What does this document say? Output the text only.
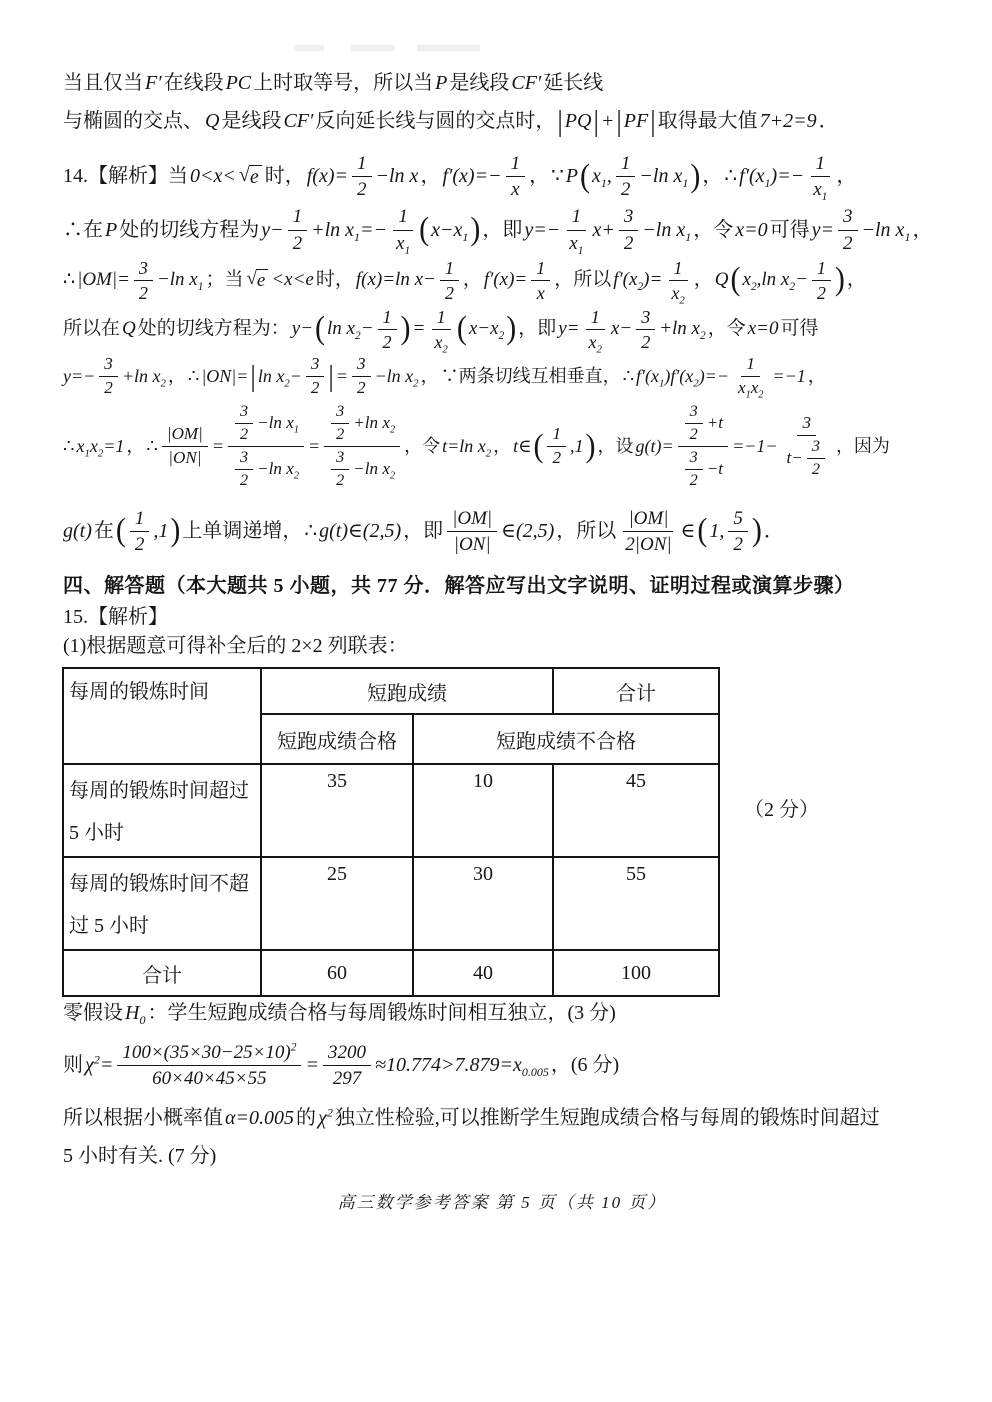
当且仅当 F′ 在线段 PC 上时取等号，所以当 P 是线段 CF′ 延长线
与椭圆的交点、 Q 是线段 CF′ 反向延长线与圆的交点时， | PQ | + | PF | 取得最大值 7+2=9 ．
14.【解析】当 0<x< √ e 时， $f(x)= \frac{1}{2} -\ln$ x ， $f'(x)=- \frac{1}{x}$ ， ∵ P ( $x_1$,
1
2
−ln $x_1$ ) ， ∴ $f'(x_1)=- \frac{1}{x_1}$ ，
∴在 P 处的切线方程为 $y- \frac{1}{2} +\ln$ $x_1=- \frac{1}{x_1}$ ( $x-x_1$ ) ，即 $y=- \frac{1}{x_1} x+ \frac{3}{2} -\ln$ $x_1$ ，令 x=0 可得 $y= \frac{3}{2} -\ln$ $x_1$ ，
∴ $|OM|= \frac{3}{2} -\ln$ $x_1$ ；当 √ e <x<e 时， f(x)=ln $x- \frac{1}{2}$ ， $f'(x)= \frac{1}{x}$ ，所以 $f'(x_2)= \frac{1}{x_2}$ ， Q ( $x_2,\ln$ $x_2- \frac{1}{2}$ ) ，
所以在 Q 处的切线方程为： y− ( $\ln x_2- \frac{1}{2}$ ) = $\frac{1}{x_2}$ ( $x-x_2$ ) ，即 $y= \frac{1}{x_2} x- \frac{3}{2} +\ln$ $x_2$ ，令 x=0 可得
$y=- \frac{3}{2} +\ln$ $x_2$ ， ∴ |ON|= | $\ln x_2- \frac{3}{2}$ | = $\frac{3}{2} -\ln$ $x_2$ ， ∵两条切线互相垂直， ∴ $f'(x_1)f'(x_2)=- \frac{1}{x_1x_2} =-1$ ，
∴ $x_1x_2=1$ ， ∴ $\frac{|OM|}{|ON|} = 3$
2
−ln $x_1$
3
2
−ln $x_2 = 3$
2
+ln $x_2$
3
2
−ln $x_2$ ，令 t=ln $x_2$ ， t∈ ( 1
2
,1 ) ，设 g(t)= 3
2
+t
3
2
$-t =-1- \frac{3}{t- \frac{3}{2}}$ ，因为
g(t) 在 ( 1
2
,1 ) 上单调递增， ∴ g(t)∈(2,5) ，即
|OM|
|ON|
∈(2,5) ，所以
|OM|
2|ON|
∈ ( 1,
5
2 ) ．
四、解答题（本大题共 5 小题，共 77 分．解答应写出文字说明、证明过程或演算步骤）
15.【解析】
(1)根据题意可得补全后的 2×2 列联表：
每周的锻炼时间	短跑成绩		合计
	短跑成绩合格	短跑成绩不合格	
每周的锻炼时间超过 5 小时	35	10	45
每周的锻炼时间不超过 5 小时	25	30	55
合计	60	40	100
（2 分）
零假设 $H_0$ ：学生短跑成绩合格与每周锻炼时间相互独立，(3 分)
则 $\chi^2= \frac{100\times(35\times 30-25\times 10)^2}{60\times 40\times 45\times 55} = \frac{3200}{297} \approx 10.774>7.879=x_{0.005}$ ，(6 分)
所以根据小概率值 α=0.005 的 $\chi^2$ 独立性检验,可以推断学生短跑成绩合格与每周的锻炼时间超过
5 小时有关. (7 分)
高三数学参考答案 第 5 页（共 10 页）
